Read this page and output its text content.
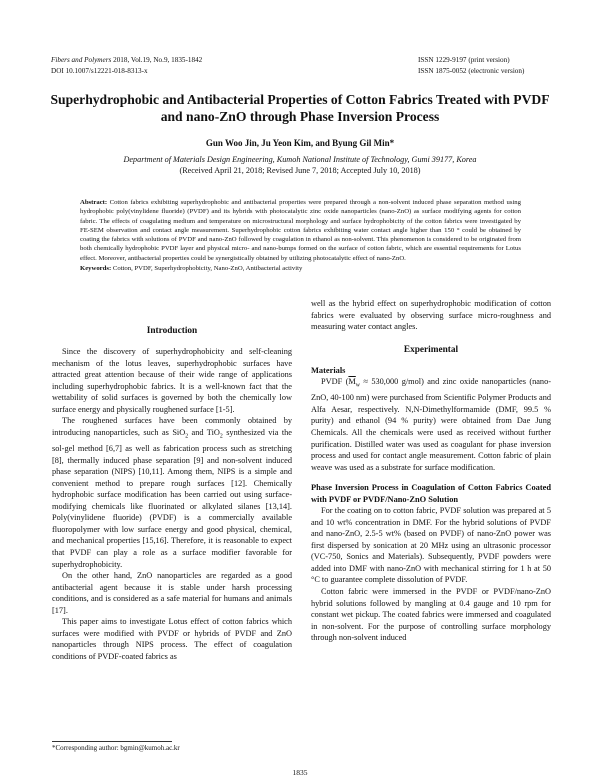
Fibers and Polymers 2018, Vol.19, No.9, 1835-1842
DOI 10.1007/s12221-018-8313-x
ISSN 1229-9197 (print version)
ISSN 1875-0052 (electronic version)
Superhydrophobic and Antibacterial Properties of Cotton Fabrics Treated with PVDF and nano-ZnO through Phase Inversion Process
Gun Woo Jin, Ju Yeon Kim, and Byung Gil Min*
Department of Materials Design Engineering, Kumoh National Institute of Technology, Gumi 39177, Korea
(Received April 21, 2018; Revised June 7, 2018; Accepted July 10, 2018)
Abstract: Cotton fabrics exhibiting superhydrophobic and antibacterial properties were prepared through a non-solvent induced phase separation method using hydrophobic poly(vinylidene fluoride) (PVDF) and its hybrids with photocatalytic zinc oxide nanoparticles (nano-ZnO) as surface modifying agents for cotton fabric. The effects of coagulating medium and temperature on microstructural morphology and surface hydrophobicity of the cotton fabrics were investigated by FE-SEM observation and contact angle measurement. Superhydrophobic cotton fabrics exhibiting water contact angle higher than 150 ° could be obtained by coating the fabrics with solutions of PVDF and nano-ZnO followed by coagulation in ethanol as non-solvent. This phenomenon is considered to be originated from both chemically hydrophobic PVDF layer and physical micro- and nano-bumps formed on the surface of cotton fabric, which are essential requirements for Lotus effect. Moreover, antibacterial properties could be synergistically obtained by utilizing photocatalytic effect of nano-ZnO.
Keywords: Cotton, PVDF, Superhydrophobicity, Nano-ZnO, Antibacterial activity
Introduction

Since the discovery of superhydrophobicity and self-cleaning mechanism of the lotus leaves, superhydrophobic surfaces have attracted great attention because of their wide range of applications including superhydrophobic fabrics. It is a well-known fact that the wettability of solid surfaces is governed by both the chemically low surface energy and physically roughened surface [1-5].

The roughened surfaces have been commonly obtained by introducing nanoparticles, such as SiO$_2$ and TiO$_2$ synthesized via the sol-gel method [6,7] as well as fabrication process such as stretching [8], thermally induced phase separation [9] and non-solvent induced phase separation (NIPS) [10,11]. Among them, NIPS is a simple and convenient method to prepare rough surfaces [12]. Chemically hydrophobic surface modification has been carried out using surface-modifying chemicals like fluorinated or alkylated silanes [13,14]. Poly(vinylidene fluoride) (PVDF) is a commercially available fluoropolymer with low surface energy and good physical, chemical, and mechanical properties [15,16]. Therefore, it is reasonable to expect that PVDF can play a role as a surface modifier favorable for superhydrophobicity.

On the other hand, ZnO nanoparticles are regarded as a good antibacterial agent because it is stable under harsh processing conditions, and is considered as a safe material for humans and animals [17].

This paper aims to investigate Lotus effect of cotton fabrics which surfaces were modified with PVDF or hybrids of PVDF and ZnO nanoparticles through NIPS process. The effect of coagulation conditions of PVDF-coated fabrics as

well as the hybrid effect on superhydrophobic modification of cotton fabrics were evaluated by observing surface micro-roughness and measuring water contact angles.

Experimental
Materials

PVDF ($\overline{M}_w \approx 530,000$ g/mol) and zinc oxide nanoparticles (nano-ZnO, 40-100 nm) were purchased from Scientific Polymer Products and Alfa Aesar, respectively. N,N-Dimethylformamide (DMF, 99.5 % purity) and ethanol (94 % purity) were obtained from Dae Jung Chemicals. All the chemicals were used as received without further purification. Distilled water was used as coagulant for phase inversion process and used for contact angle measurement. Cotton fabric of plain weave was used as a substrate for surface modification.

Phase Inversion Process in Coagulation of Cotton Fabrics Coated with PVDF or PVDF/Nano-ZnO Solution

For the coating on to cotton fabric, PVDF solution was prepared at 5 and 10 wt% concentration in DMF. For the hybrid solutions of PVDF and nano-ZnO, 2.5-5 wt% (based on PVDF) of nano-ZnO power was first dispersed by sonication at 20 MHz using an ultrasonic processor (VC-750, Sonics and Materials). Subsequently, PVDF powders were added into DMF with nano-ZnO with mechanical stirring for 1 h at 50 °C to guarantee complete dissolution of PVDF.

Cotton fabric were immersed in the PVDF or PVDF/nano-ZnO hybrid solutions followed by mangling at 0.4 gauge and 10 rpm for constant wet pickup. The coated fabrics were immersed and coagulated in non-solvent. For the purpose of controlling surface morphology through non-solvent induced

*Corresponding author: bgmin@kumoh.ac.kr
1835
